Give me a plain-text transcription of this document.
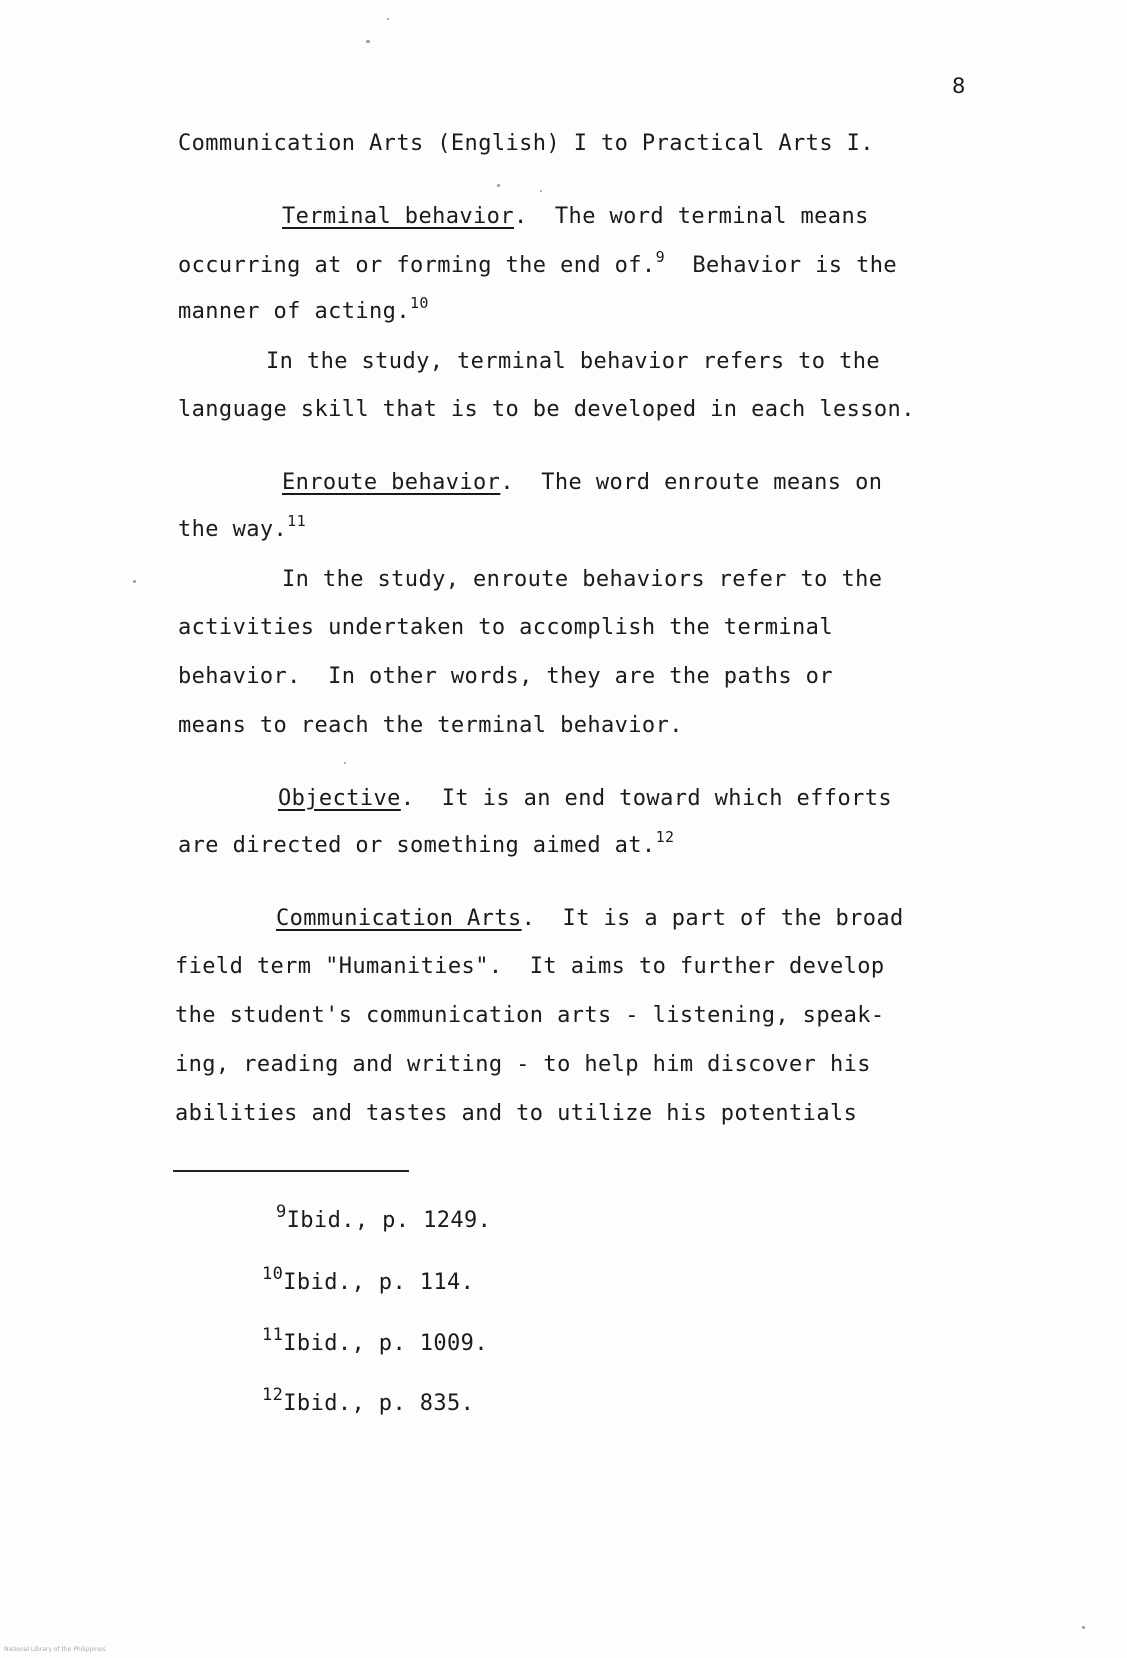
8
Communication Arts (English) I to Practical Arts I.
Terminal behavior.  The word terminal means
occurring at or forming the end of.$^9$  Behavior is the
manner of acting.$^{10}$
In the study, terminal behavior refers to the
language skill that is to be developed in each lesson.
Enroute behavior.  The word enroute means on
the way.$^{11}$
In the study, enroute behaviors refer to the
activities undertaken to accomplish the terminal
behavior.  In other words, they are the paths or
means to reach the terminal behavior.
Objective.  It is an end toward which efforts
are directed or something aimed at.$^{12}$
Communication Arts.  It is a part of the broad
field term "Humanities".  It aims to further develop
the student's communication arts - listening, speak-
ing, reading and writing - to help him discover his
abilities and tastes and to utilize his potentials
$^9$Ibid., p. 1249.
$^{10}$Ibid., p. 114.
$^{11}$Ibid., p. 1009.
$^{12}$Ibid., p. 835.
National Library of the Philippines
